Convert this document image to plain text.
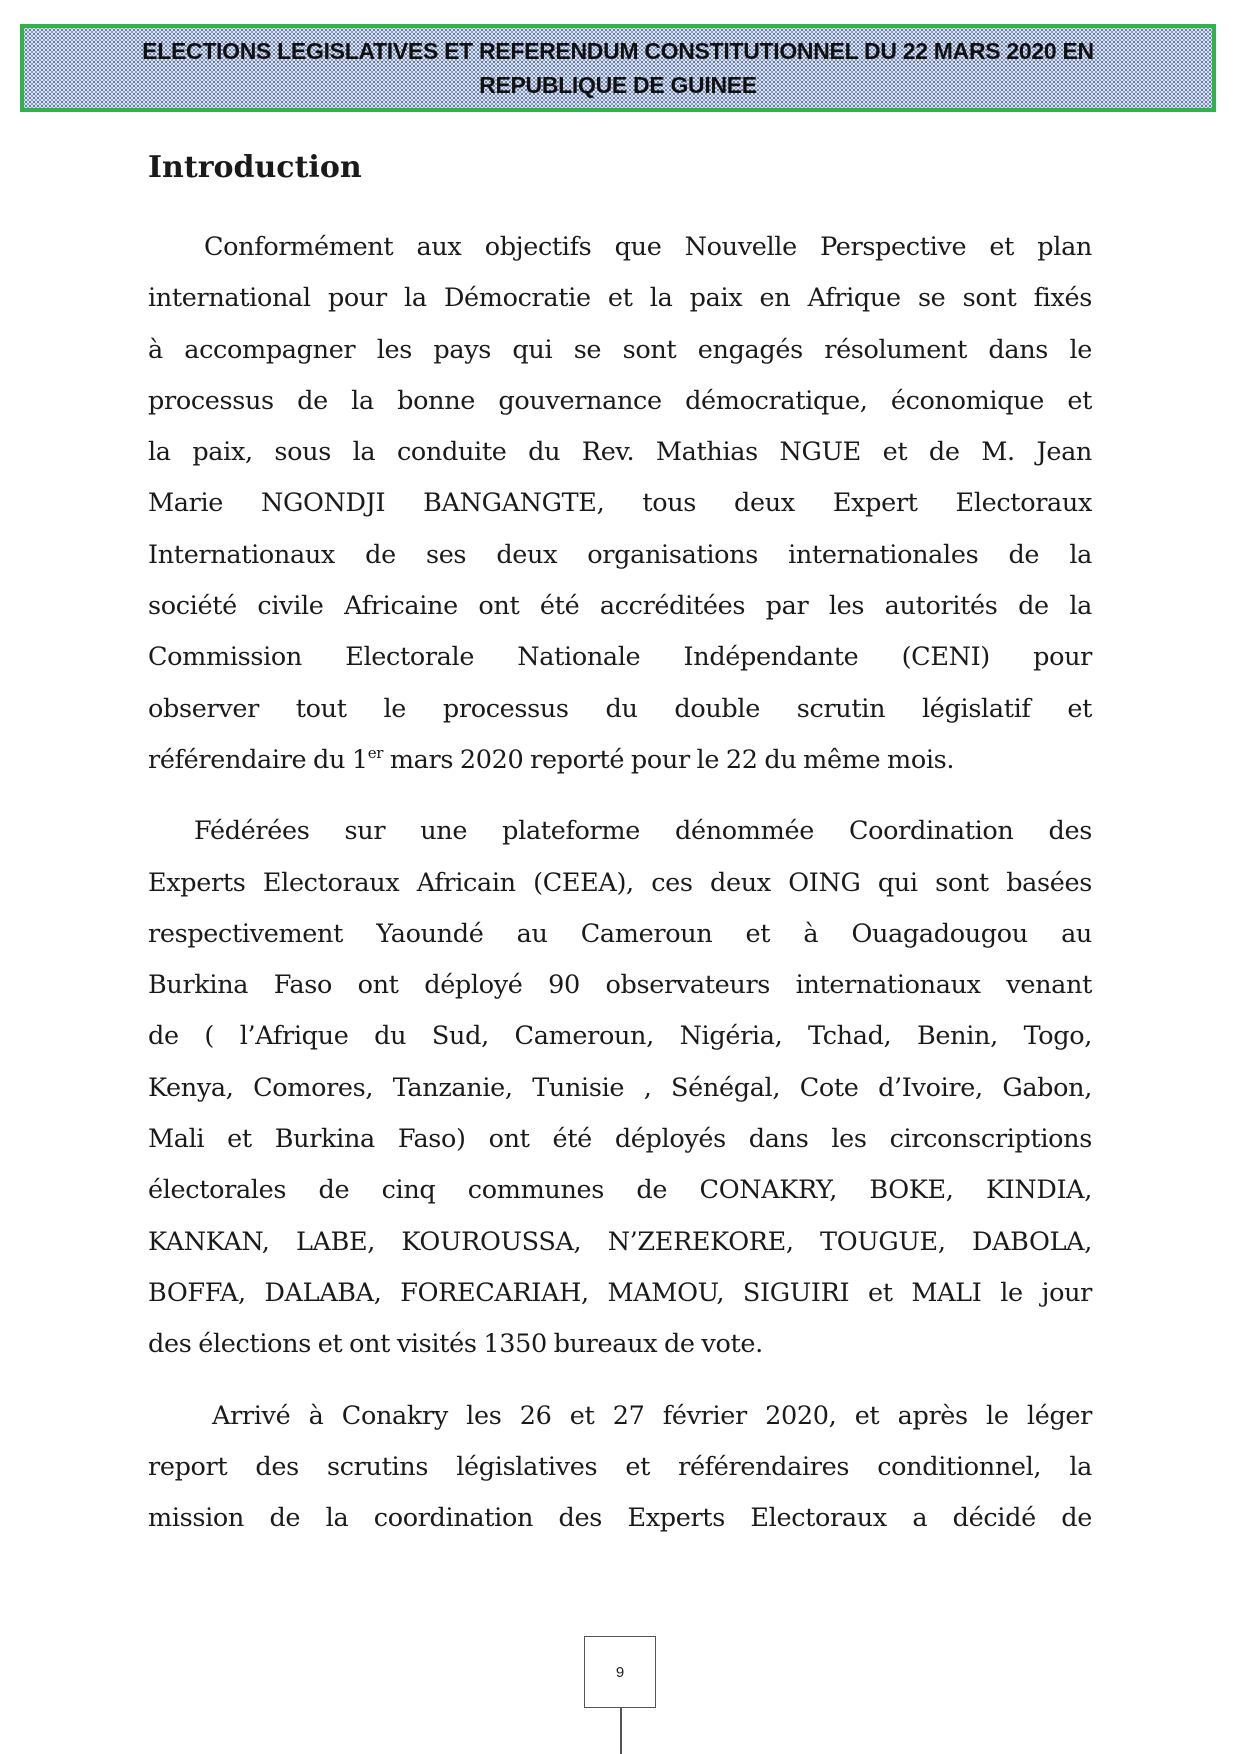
ELECTIONS LEGISLATIVES ET REFERENDUM CONSTITUTIONNEL DU 22 MARS 2020 EN
REPUBLIQUE DE GUINEE
Introduction

Conformément aux objectifs que Nouvelle Perspective et plan
international pour la Démocratie et la paix en Afrique se sont fixés
à accompagner les pays qui se sont engagés résolument dans le
processus de la bonne gouvernance démocratique, économique et
la paix, sous la conduite du Rev. Mathias NGUE et de M. Jean
Marie NGONDJI BANGANGTE, tous deux Expert Electoraux
Internationaux de ses deux organisations internationales de la
société civile Africaine ont été accréditées par les autorités de la
Commission Electorale Nationale Indépendante (CENI) pour
observer tout le processus du double scrutin législatif et
référendaire du 1er mars 2020 reporté pour le 22 du même mois.

Fédérées sur une plateforme dénommée Coordination des
Experts Electoraux Africain (CEEA), ces deux OING qui sont basées
respectivement Yaoundé au Cameroun et à Ouagadougou au
Burkina Faso ont déployé 90 observateurs internationaux venant
de ( l’Afrique du Sud, Cameroun, Nigéria, Tchad, Benin, Togo,
Kenya, Comores, Tanzanie, Tunisie , Sénégal, Cote d’Ivoire, Gabon,
Mali et Burkina Faso) ont été déployés dans les circonscriptions
électorales de cinq communes de CONAKRY, BOKE, KINDIA,
KANKAN, LABE, KOUROUSSA, N’ZEREKORE, TOUGUE, DABOLA,
BOFFA, DALABA, FORECARIAH, MAMOU, SIGUIRI et MALI le jour
des élections et ont visités 1350 bureaux de vote.

Arrivé à Conakry les 26 et 27 février 2020, et après le léger
report des scrutins législatives et référendaires conditionnel, la
mission de la coordination des Experts Electoraux a décidé de

9
